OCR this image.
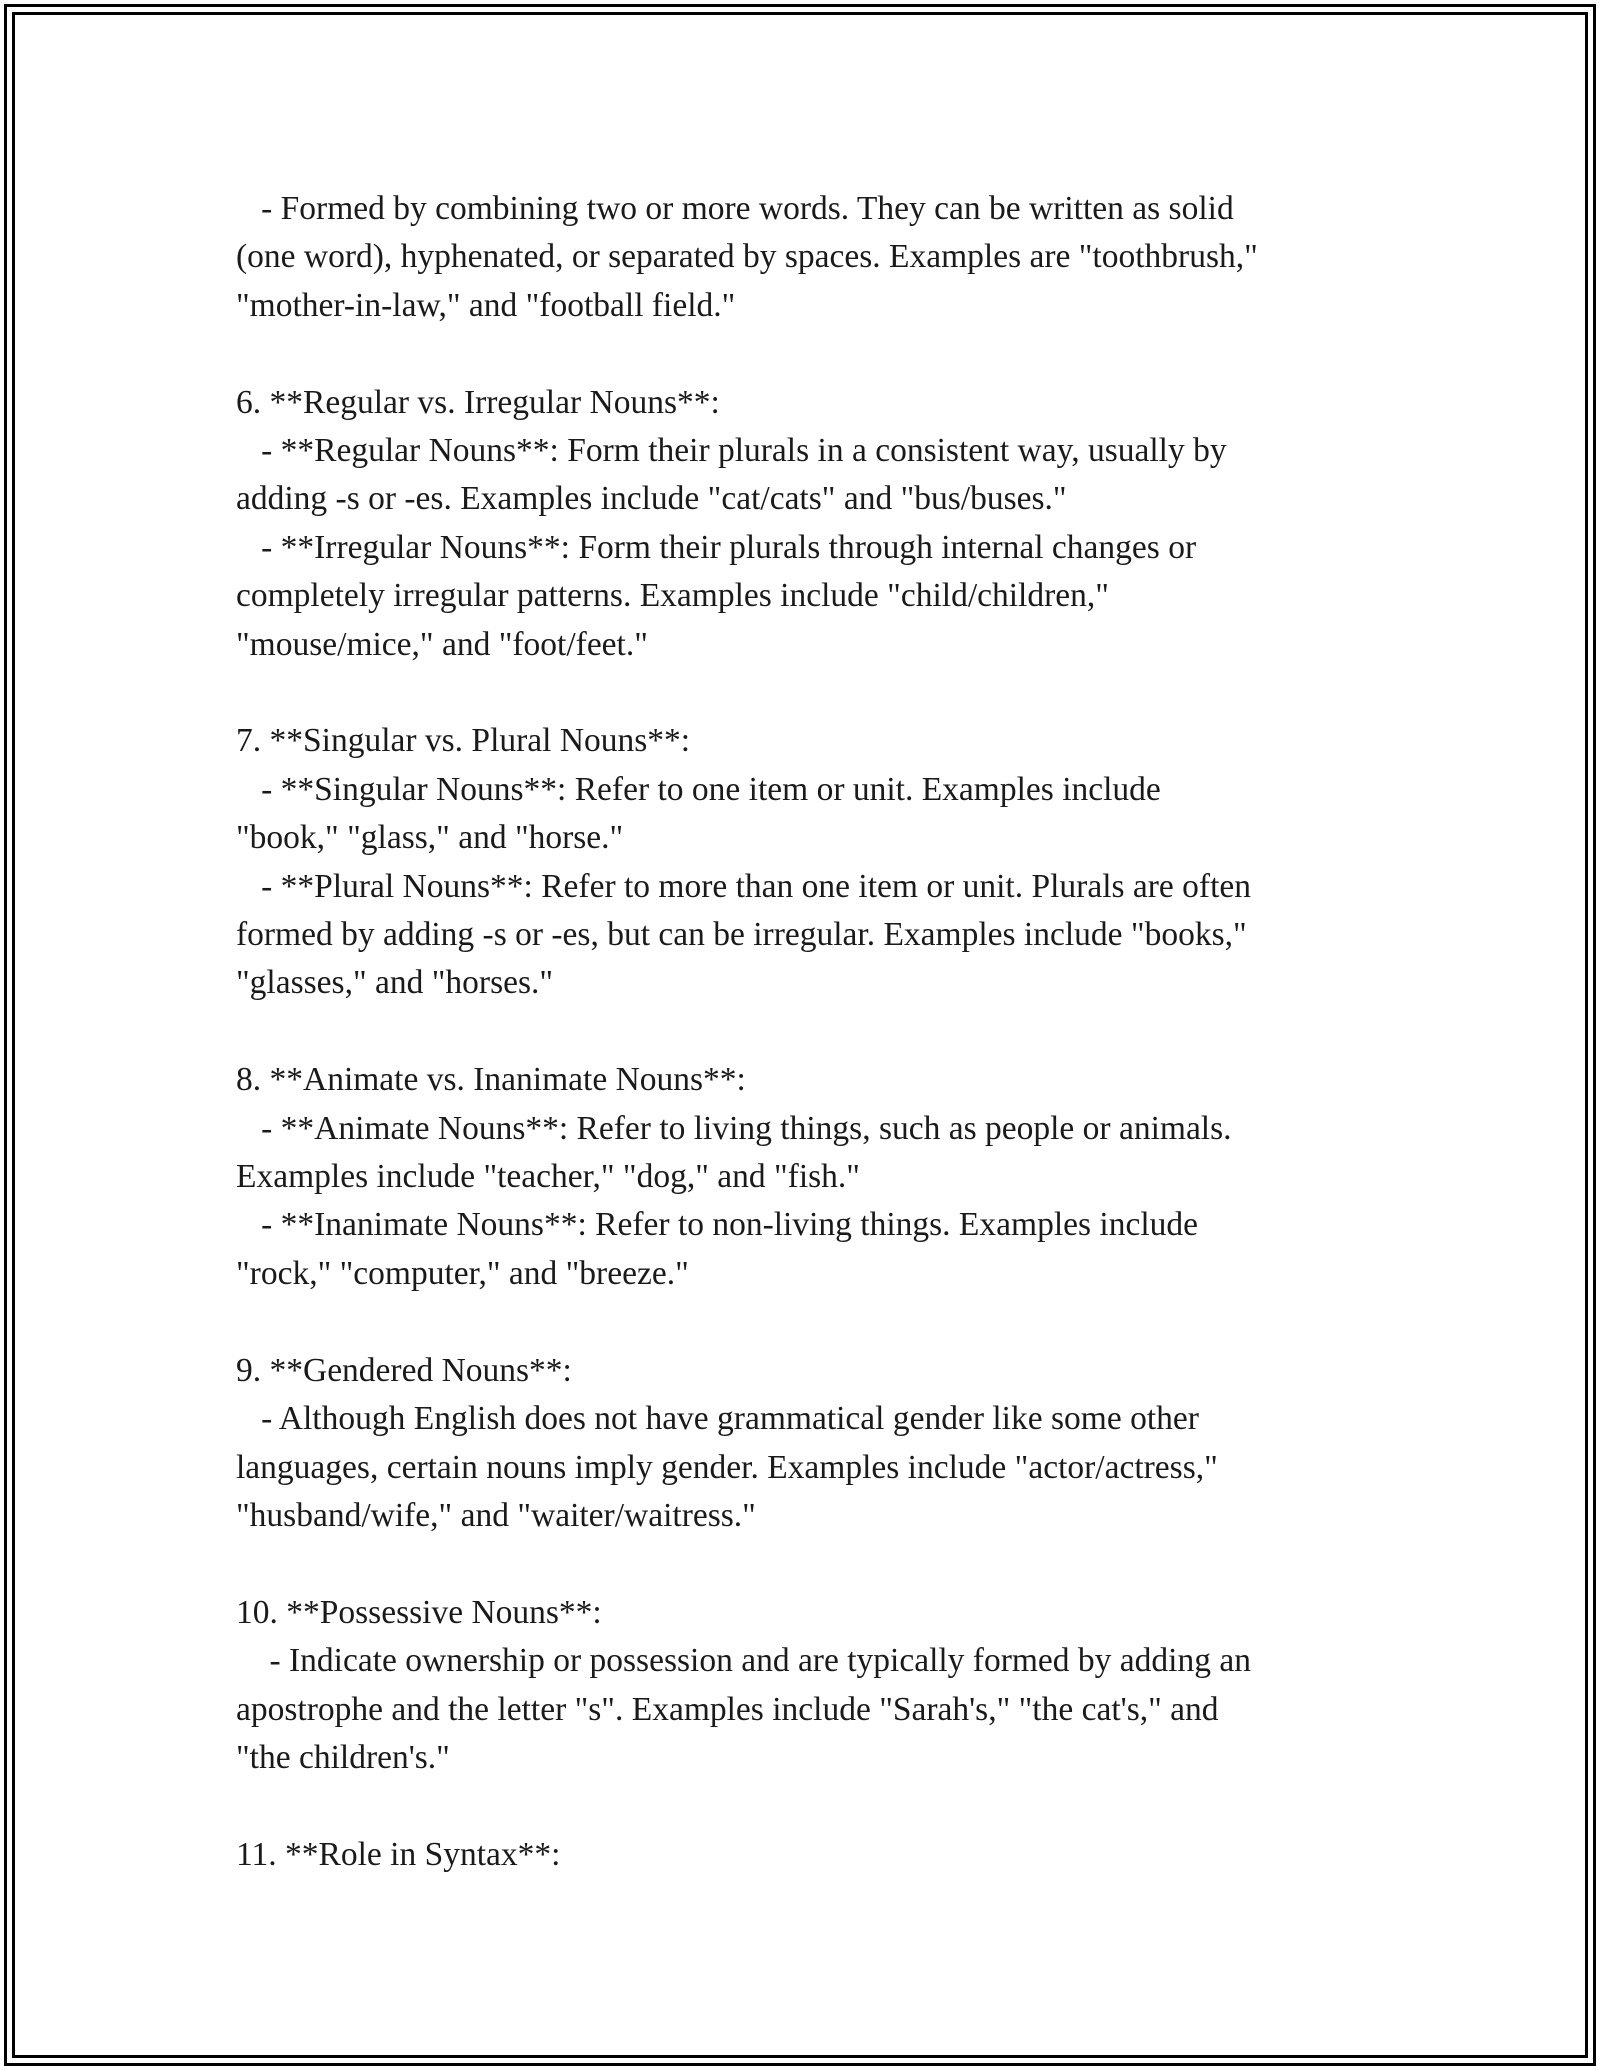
- Formed by combining two or more words. They can be written as solid
(one word), hyphenated, or separated by spaces. Examples are "toothbrush,"
"mother-in-law," and "football field."

6. **Regular vs. Irregular Nouns**:
- **Regular Nouns**: Form their plurals in a consistent way, usually by
adding -s or -es. Examples include "cat/cats" and "bus/buses."
- **Irregular Nouns**: Form their plurals through internal changes or
completely irregular patterns. Examples include "child/children,"
"mouse/mice," and "foot/feet."

7. **Singular vs. Plural Nouns**:
- **Singular Nouns**: Refer to one item or unit. Examples include
"book," "glass," and "horse."
- **Plural Nouns**: Refer to more than one item or unit. Plurals are often
formed by adding -s or -es, but can be irregular. Examples include "books,"
"glasses," and "horses."

8. **Animate vs. Inanimate Nouns**:
- **Animate Nouns**: Refer to living things, such as people or animals.
Examples include "teacher," "dog," and "fish."
- **Inanimate Nouns**: Refer to non-living things. Examples include
"rock," "computer," and "breeze."

9. **Gendered Nouns**:
- Although English does not have grammatical gender like some other
languages, certain nouns imply gender. Examples include "actor/actress,"
"husband/wife," and "waiter/waitress."

10. **Possessive Nouns**:
- Indicate ownership or possession and are typically formed by adding an
apostrophe and the letter "s". Examples include "Sarah's," "the cat's," and
"the children's."

11. **Role in Syntax**:
